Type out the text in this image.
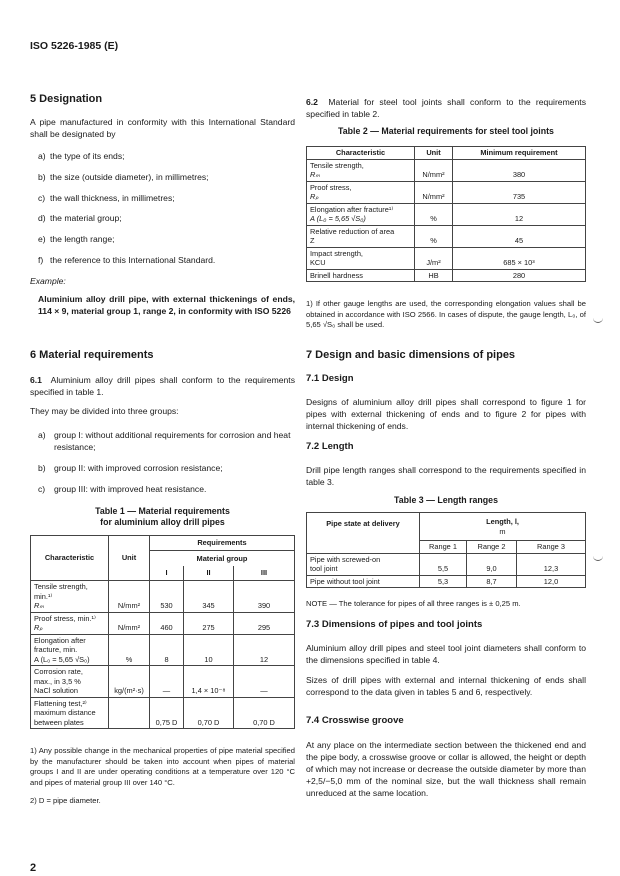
ISO 5226-1985 (E)
5 Designation
A pipe manufactured in conformity with this International Standard shall be designated by
a) the type of its ends;
b) the size (outside diameter), in millimetres;
c) the wall thickness, in millimetres;
d) the material group;
e) the length range;
f) the reference to this International Standard.
Example:
Aluminium alloy drill pipe, with external thickenings of ends, 114 × 9, material group 1, range 2, in conformity with ISO 5226
6 Material requirements
6.1 Aluminium alloy drill pipes shall conform to the requirements specified in table 1.
They may be divided into three groups:
a) group I: without additional requirements for corrosion and heat resistance;
b) group II: with improved corrosion resistance;
c)	group III: with improved heat resistance.
Table 1 — Material requirements
for aluminium alloy drill pipes
Characteristic	Unit	Requirements		
		Material group		
		I	II	III

Tensile strength,
min.¹⁾
Rₘ	N/mm²	530	345	390

Proof stress, min.¹⁾
Rₚ	N/mm²	460	275	295

Elongation after
fracture, min.
A (L₀ = 5,65 √S₀)	%	8	10	12

Corrosion rate,
max., in 3,5 %
NaCl solution	kg/(m²·s)	—	1,4 × 10⁻⁸	—

Flattening test,²⁾
maximum distance
between plates		0,75 D	0,70 D	0,70 D
1) Any possible change in the mechanical properties of pipe material specified by the manufacturer should be taken into account when pipes of material groups I and II are under operating conditions at a temperature over 120 °C and pipes of material group III over 140 °C.
2) D = pipe diameter.
2
6.2 Material for steel tool joints shall conform to the requirements specified in table 2.
Table 2 — Material requirements for steel tool joints
Characteristic	Unit	Minimum requirement

Tensile strength,
Rₘ	N/mm²	380

Proof stress,
Rₚ	N/mm²	735

Elongation after fracture¹⁾
A (L₀ = 5,65 √S₀)	%	12

Relative reduction of area
Z	%	45

Impact strength,
KCU	J/m²	685 × 10³
Brinell hardness	HB	280
1) If other gauge lengths are used, the corresponding elongation values shall be obtained in accordance with ISO 2566. In cases of dispute, the gauge length, L₀, of 5,65 √S₀ shall be used.
7 Design and basic dimensions of pipes
7.1 Design
Designs of aluminium alloy drill pipes shall correspond to figure 1 for pipes with external thickening of ends and to figure 2 for pipes with internal thickening of ends.
7.2 Length
Drill pipe length ranges shall correspond to the requirements specified in table 3.
Table 3 — Length ranges
Pipe state at delivery	Length, l,
m		

	Range 1	Range 2	Range 3

Pipe with screwed-on
tool joint	5,5	9,0	12,3
Pipe without tool joint	5,3	8,7	12,0
NOTE — The tolerance for pipes of all three ranges is ± 0,25 m.
7.3 Dimensions of pipes and tool joints
Aluminium alloy drill pipes and steel tool joint diameters shall conform to the dimensions specified in table 4.
Sizes of drill pipes with external and internal thickening of ends shall correspond to the data given in tables 5 and 6, respectively.
7.4 Crosswise groove
At any place on the intermediate section between the thickened end and the pipe body, a crosswise groove or collar is allowed, the height or depth of which may not increase or decrease the outside diameter by more than +2,5/−5,0 mm of the nominal size, but the wall thickness shall remain unreduced at the same location.
